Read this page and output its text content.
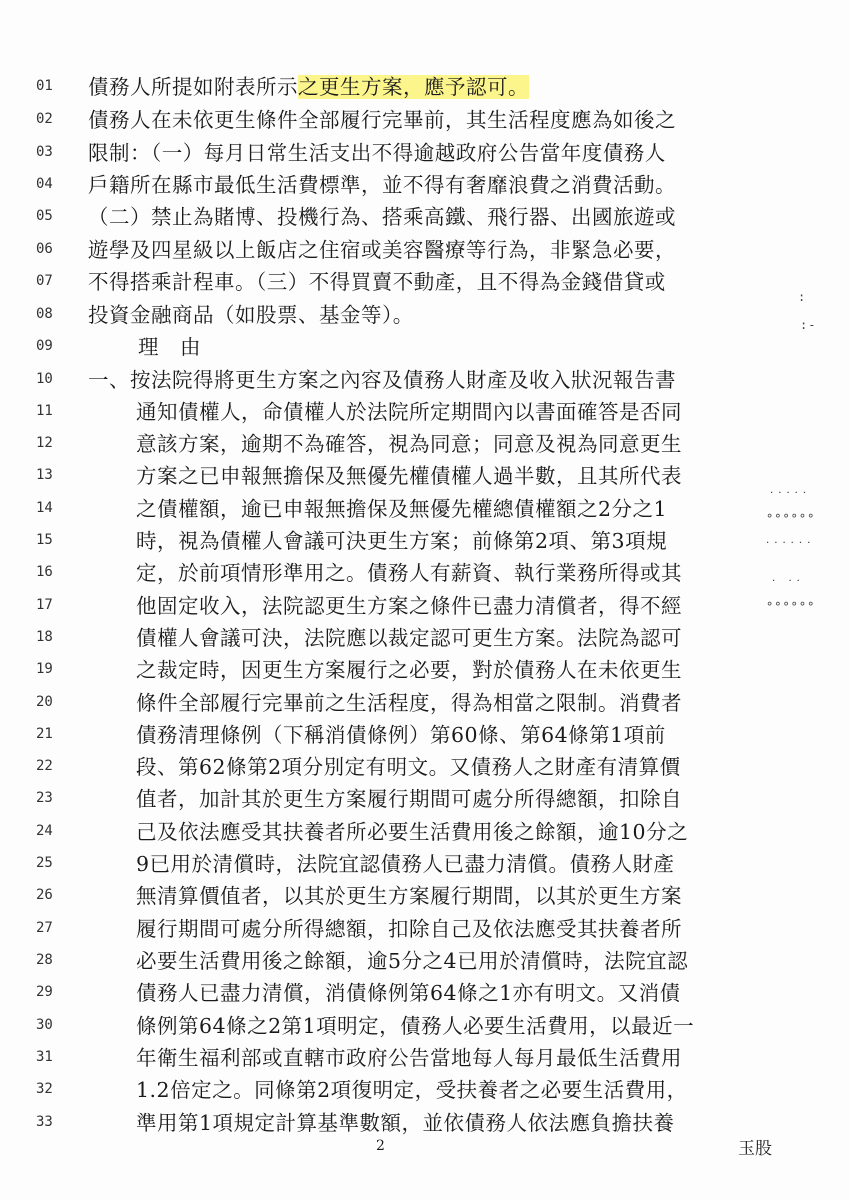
01	債務人所提如附表所示之更生方案，應予認可。
02	債務人在未依更生條件全部履行完畢前，其生活程度應為如後之
03	限制：（一）每月日常生活支出不得逾越政府公告當年度債務人
04	戶籍所在縣市最低生活費標準，並不得有奢靡浪費之消費活動。
05	（二）禁止為賭博、投機行為、搭乘高鐵、飛行器、出國旅遊或
06	遊學及四星級以上飯店之住宿或美容醫療等行為，非緊急必要，
07	不得搭乘計程車。（三）不得買賣不動產，且不得為金錢借貸或
08	投資金融商品（如股票、基金等）。
09	理　由
10	一、按法院得將更生方案之內容及債務人財產及收入狀況報告書
11	通知債權人，命債權人於法院所定期間內以書面確答是否同
12	意該方案，逾期不為確答，視為同意；同意及視為同意更生
13	方案之已申報無擔保及無優先權債權人過半數，且其所代表
14	之債權額，逾已申報無擔保及無優先權總債權額之2分之1
15	時，視為債權人會議可決更生方案；前條第2項、第3項規
16	定，於前項情形準用之。債務人有薪資、執行業務所得或其
17	他固定收入，法院認更生方案之條件已盡力清償者，得不經
18	債權人會議可決，法院應以裁定認可更生方案。法院為認可
19	之裁定時，因更生方案履行之必要，對於債務人在未依更生
20	條件全部履行完畢前之生活程度，得為相當之限制。消費者
21	債務清理條例（下稱消債條例）第60條、第64條第1項前
22	段、第62條第2項分別定有明文。又債務人之財產有清算價
23	值者，加計其於更生方案履行期間可處分所得總額，扣除自
24	己及依法應受其扶養者所必要生活費用後之餘額，逾10分之
25	9已用於清償時，法院宜認債務人已盡力清償。債務人財產
26	無清算價值者，以其於更生方案履行期間，以其於更生方案
27	履行期間可處分所得總額，扣除自己及依法應受其扶養者所
28	必要生活費用後之餘額，逾5分之4已用於清償時，法院宜認
29	債務人已盡力清償，消債條例第64條之1亦有明文。又消債
30	條例第64條之2第1項明定，債務人必要生活費用，以最近一
31	年衛生福利部或直轄市政府公告當地每人每月最低生活費用
32	1.2倍定之。同條第2項復明定，受扶養者之必要生活費用，
33	準用第1項規定計算基準數額，並依債務人依法應負擔扶養
˙˙˙˙˙
°°°°°°
˙˙˙˙˙˙
˙ ˙˙
°°°°°°
:
:-
2	玉股
